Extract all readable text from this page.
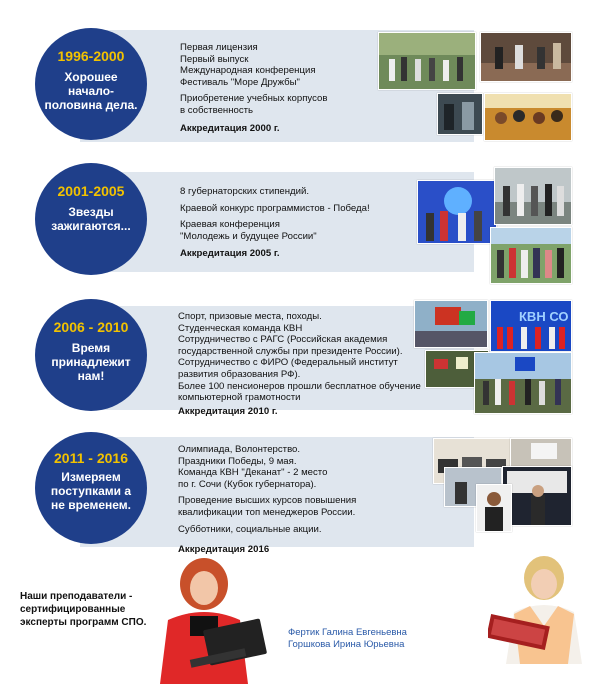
1996-2000
Хорошее начало-половина дела.
Первая лицензия
Первый выпуск
Международная конференция
Фестиваль "Море Дружбы"
Приобретение учебных корпусов
в собственность
Аккредитация 2000 г.
2001-2005
Звезды зажигаются...
8 губернаторских стипендий.
Краевой конкурс программистов - Победа!
Краевая конференция
"Молодежь и будущее России"
Аккредитация 2005 г.
2006 - 2010
Время принадлежит нам!
Спорт, призовые места, походы.
Студенческая команда КВН
Сотрудничество с РАГС (Российская академия
государственной службы при президенте России).
Сотрудничество с ФИРО (Федеральный институт
развития образования РФ).
Более 100 пенсионеров прошли бесплатное обучение
компьютерной грамотности
Аккредитация 2010 г.
КВН СО
2011 - 2016
Измеряем поступками а не временем.
Олимпиада, Волонтерство.
Праздники Победы, 9 мая.
Команда КВН "Деканат" - 2 место
по г. Сочи (Кубок губернатора).
Проведение высших курсов повышения
квалификации топ менеджеров России.
Субботники, социальные акции.
Аккредитация 2016
Наши преподаватели - сертифицированные эксперты программ СПО.
Фертик Галина Евгеньевна
Горшкова Ирина Юрьевна
